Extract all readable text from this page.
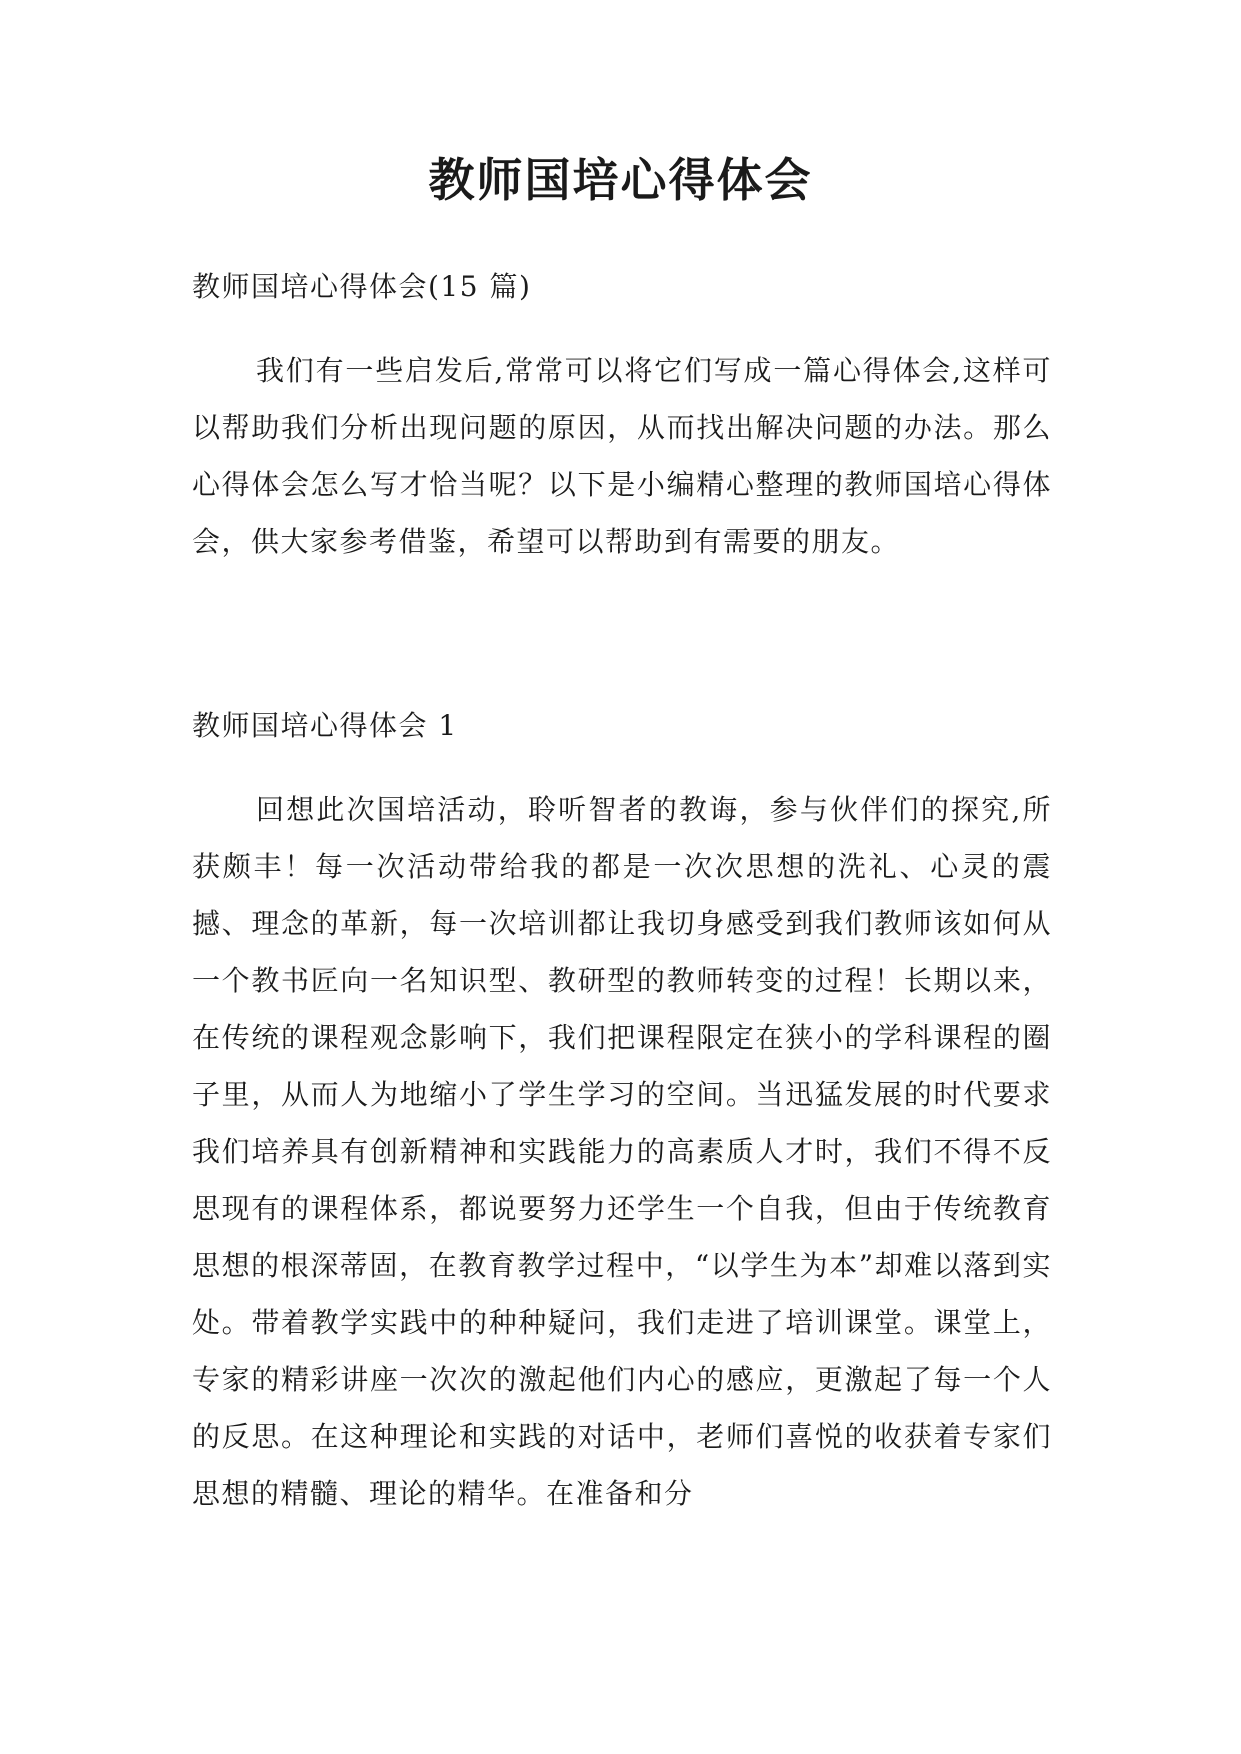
教师国培心得体会

教师国培心得体会(15 篇)

我们有一些启发后,常常可以将它们写成一篇心得体会,这样可以帮助我们分析出现问题的原因，从而找出解决问题的办法。那么心得体会怎么写才恰当呢？以下是小编精心整理的教师国培心得体会，供大家参考借鉴，希望可以帮助到有需要的朋友。

教师国培心得体会 1

回想此次国培活动，聆听智者的教诲，参与伙伴们的探究,所获颇丰！每一次活动带给我的都是一次次思想的洗礼、心灵的震撼、理念的革新，每一次培训都让我切身感受到我们教师该如何从一个教书匠向一名知识型、教研型的教师转变的过程！长期以来，在传统的课程观念影响下，我们把课程限定在狭小的学科课程的圈子里，从而人为地缩小了学生学习的空间。当迅猛发展的时代要求我们培养具有创新精神和实践能力的高素质人才时，我们不得不反思现有的课程体系，都说要努力还学生一个自我，但由于传统教育思想的根深蒂固，在教育教学过程中，“以学生为本”却难以落到实处。带着教学实践中的种种疑问，我们走进了培训课堂。课堂上，专家的精彩讲座一次次的激起他们内心的感应，更激起了每一个人的反思。在这种理论和实践的对话中，老师们喜悦的收获着专家们思想的精髓、理论的精华。在准备和分
